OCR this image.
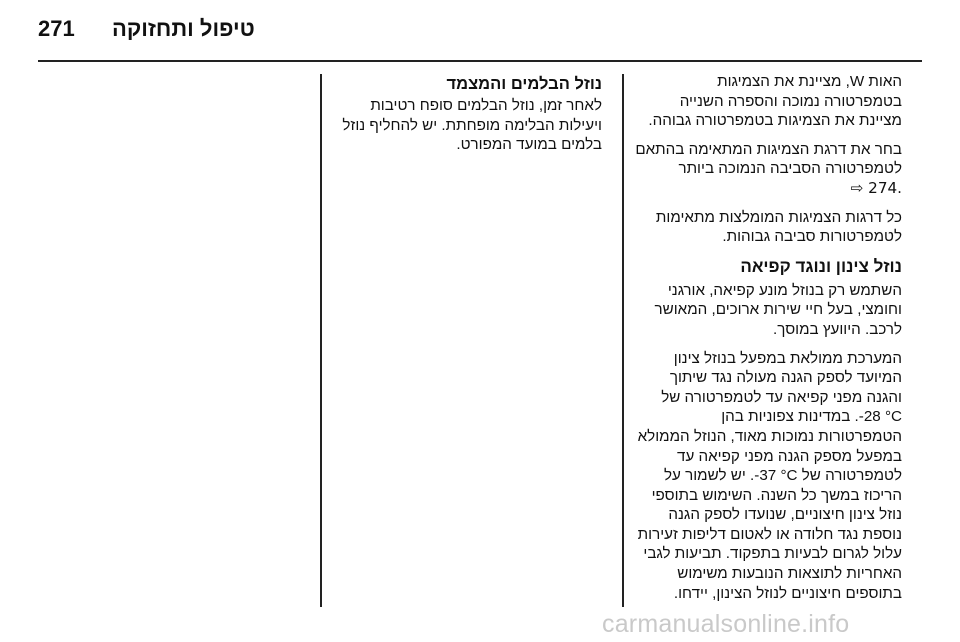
271 טיפול ותחזוקה

האות W, מציינת את הצמיגות
בטמפרטורה נמוכה והספרה השנייה
מציינת את הצמיגות בטמפרטורה גבוהה.

בחר את דרגת הצמיגות המתאימה בהתאם
לטמפרטורה הסביבה הנמוכה ביותר
.274 ⇨

כל דרגות הצמיגות המומלצות מתאימות
לטמפרטורות סביבה גבוהות.

נוזל צינון ונוגד קפיאה

השתמש רק בנוזל מונע קפיאה, אורגני
וחומצי, בעל חיי שירות ארוכים, המאושר
לרכב. היוועץ במוסך.

המערכת ממולאת במפעל בנוזל צינון
המיועד לספק הגנה מעולה נגד שיתוך
והגנה מפני קפיאה עד לטמפרטורה של
‎-28 °C‏. במדינות צפוניות בהן
הטמפרטורות נמוכות מאוד, הנוזל הממולא
במפעל מספק הגנה מפני קפיאה עד
לטמפרטורה של ‎-37 °C‏. יש לשמור על
הריכוז במשך כל השנה. השימוש בתוספי
נוזל צינון חיצוניים, שנועדו לספק הגנה
נוספת נגד חלודה או לאטום דליפות זעירות
עלול לגרום לבעיות בתפקוד. תביעות לגבי
האחריות לתוצאות הנובעות משימוש
בתוספים חיצוניים לנוזל הצינון, יידחו.

נוזל הבלמים והמצמד

לאחר זמן, נוזל הבלמים סופח רטיבות
ויעילות הבלימה מופחתת. יש להחליף נוזל
בלמים במועד המפורט.

carmanualsonline.info
